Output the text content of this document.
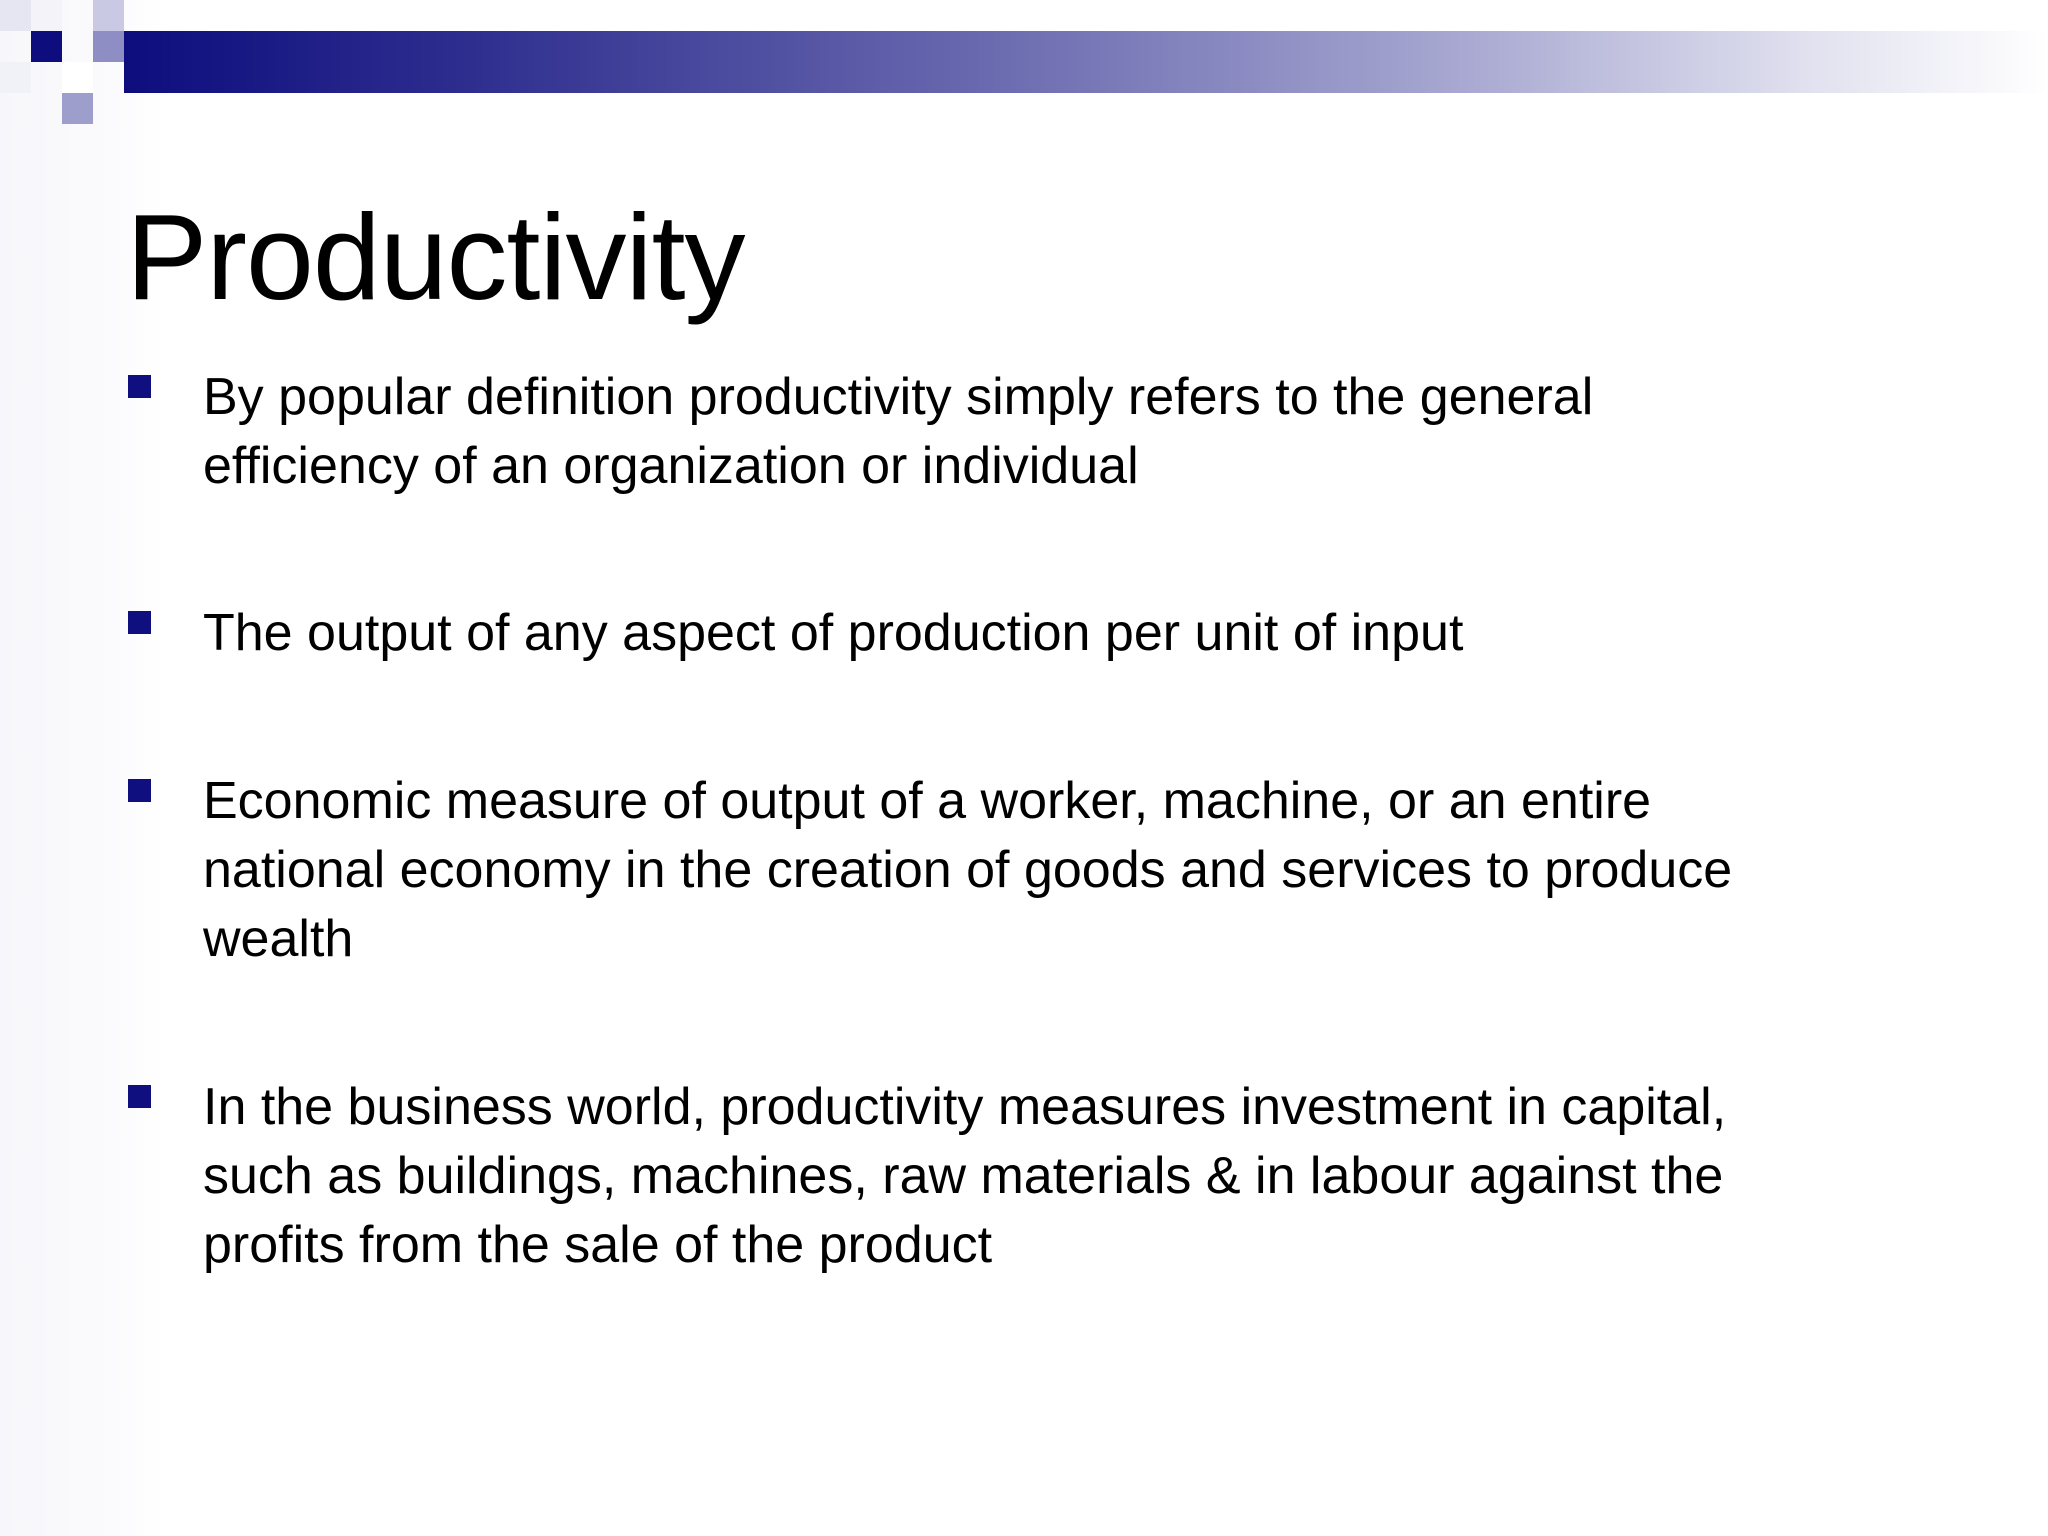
Productivity
By popular definition productivity simply refers to the general
efficiency of an organization or individual
The output of any aspect of production per unit of input
Economic measure of output of a worker, machine, or an entire
national economy in the creation of goods and services to produce
wealth
In the business world, productivity measures investment in capital,
such as buildings, machines, raw materials & in labour against the
profits from the sale of the product
